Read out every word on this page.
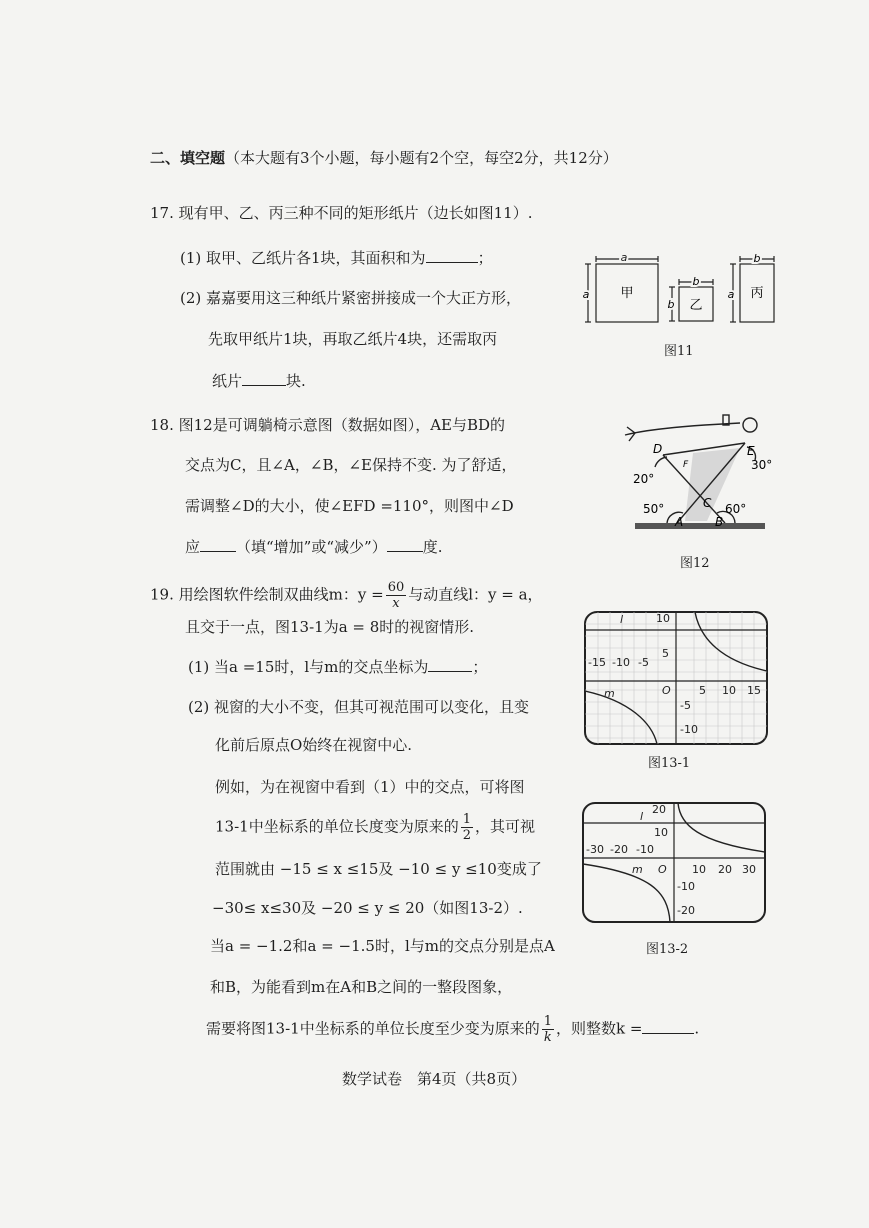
二、填空题（本大题有3个小题，每小题有2个空，每空2分，共12分）
17. 现有甲、乙、丙三种不同的矩形纸片（边长如图11）.
(1) 取甲、乙纸片各1块，其面积和为	；
(2) 嘉嘉要用这三种纸片紧密拼接成一个大正方形，
先取甲纸片1块，再取乙纸片4块，还需取丙
纸片	块.
甲
乙
丙
a
a
b
b
b
a
图11
18. 图12是可调躺椅示意图（数据如图），AE与BD的
交点为C，且∠A，∠B，∠E保持不变. 为了舒适，
需调整∠D的大小，使∠EFD =110°，则图中∠D
应 （填“增加”或“减少”） 度.
D	E
C
A	B
F
20°
30°
50°	60°
图12
19. 用绘图软件绘制双曲线m：$y = \frac{60}{x}$ 与动直线l：y = a，
且交于一点，图13-1为a = 8时的视窗情形.
(1) 当a =15时，l与m的交点坐标为	；
(2) 视窗的大小不变，但其可视范围可以变化，且变
化前后原点O始终在视窗中心.
例如，为在视窗中看到（1）中的交点，可将图
13-1中坐标系的单位长度变为原来的 $\frac{1}{2}$ ，其可视
范围就由 −15 ≤ x ≤15及 −10 ≤ y ≤10变成了
−30≤ x≤30及 −20 ≤ y ≤ 20（如图13-2）.
当a = −1.2和a = −1.5时，l与m的交点分别是点A
和B，为能看到m在A和B之间的一整段图象，
需要将图13-1中坐标系的单位长度至少变为原来的 $\frac{1}{k}$ ，则整数k =	.
l
m	O
-15 -10 -5
5 10 15
10
5
-5
-10
图13-1
l
m O
-30 -20 -10
10 20 30
20
10
-10
-20
图13-2
数学试卷　第4页（共8页）
